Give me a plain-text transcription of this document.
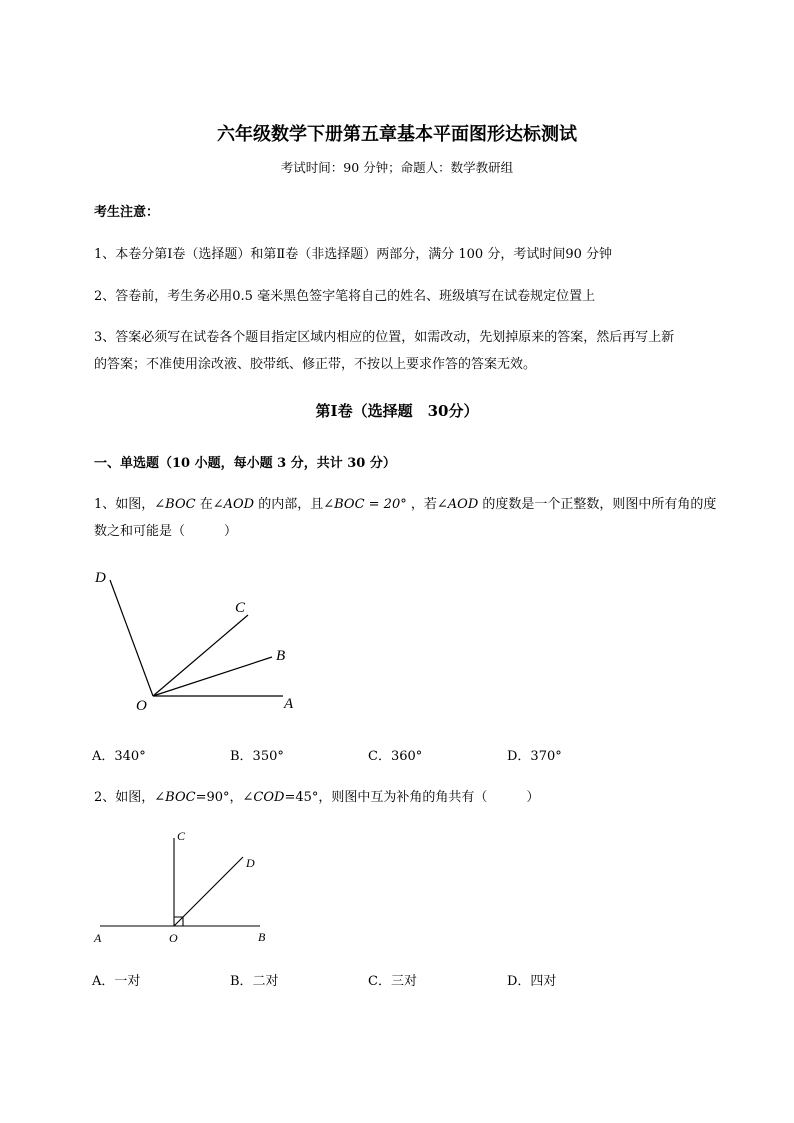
六年级数学下册第五章基本平面图形达标测试
考试时间：90 分钟；命题人：数学教研组
考生注意：
1、本卷分第Ⅰ卷（选择题）和第Ⅱ卷（非选择题）两部分，满分 100 分，考试时间90 分钟
2、答卷前，考生务必用0.5 毫米黑色签字笔将自己的姓名、班级填写在试卷规定位置上
3、答案必须写在试卷各个题目指定区域内相应的位置，如需改动，先划掉原来的答案，然后再写上新
的答案；不准使用涂改液、胶带纸、修正带，不按以上要求作答的答案无效。
第Ⅰ卷（选择题　30分）
一、单选题（10 小题，每小题 3 分，共计 30 分）
1、如图，∠BOC 在∠AOD 的内部，且∠BOC = 20° ，若∠AOD 的度数是一个正整数，则图中所有角的度
数之和可能是（　　　）
D
C
B
O	A
A．340°	B．350°	C．360°	D．370°
2、如图，∠BOC=90°，∠COD=45°，则图中互为补角的角共有（　　　）
C
D
A	O	B
A．一对	B．二对	C．三对	D．四对
